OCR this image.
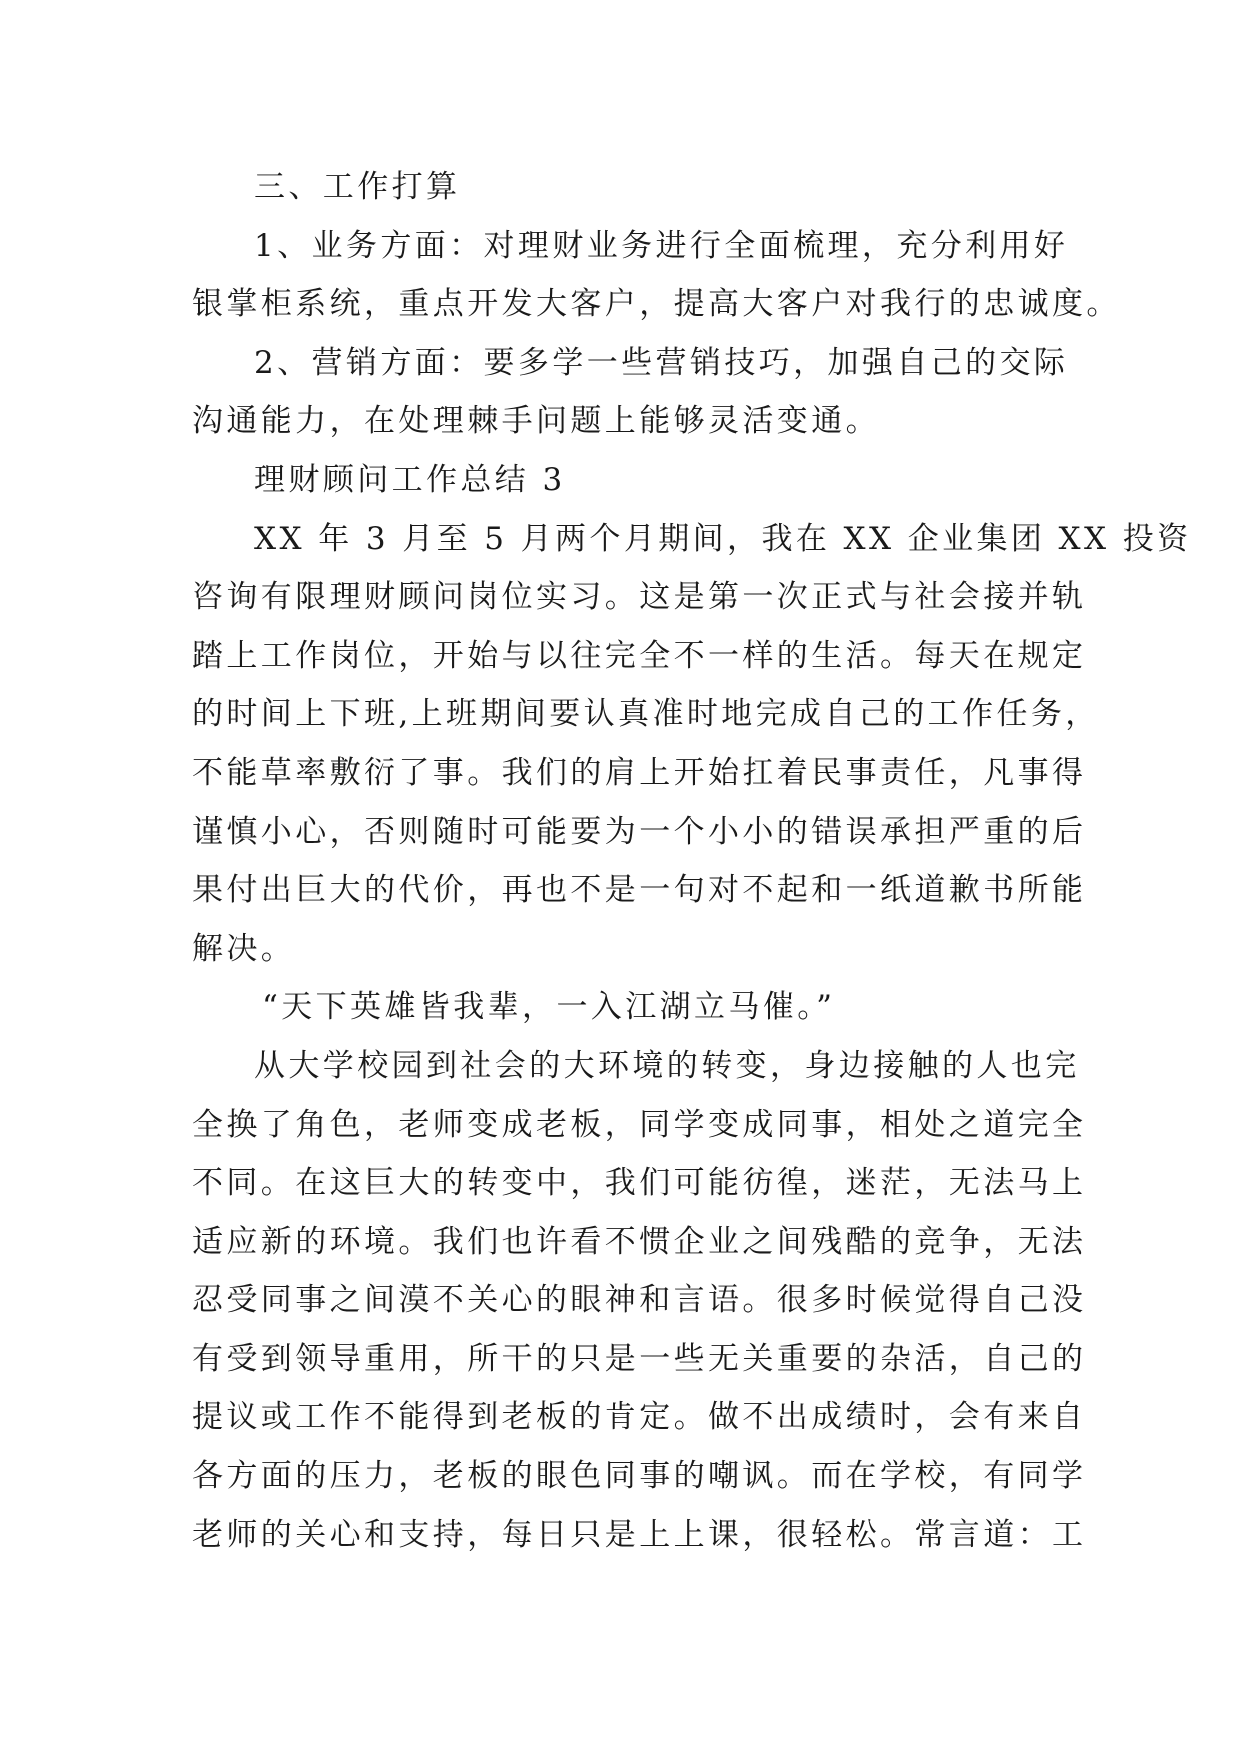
三、工作打算
1、业务方面：对理财业务进行全面梳理，充分利用好
银掌柜系统，重点开发大客户，提高大客户对我行的忠诚度。
2、营销方面：要多学一些营销技巧，加强自己的交际
沟通能力，在处理棘手问题上能够灵活变通。
理财顾问工作总结 3
XX 年 3 月至 5 月两个月期间，我在 XX 企业集团 XX 投资
咨询有限理财顾问岗位实习。这是第一次正式与社会接并轨
踏上工作岗位，开始与以往完全不一样的生活。每天在规定
的时间上下班,上班期间要认真准时地完成自己的工作任务，
不能草率敷衍了事。我们的肩上开始扛着民事责任，凡事得
谨慎小心，否则随时可能要为一个小小的错误承担严重的后
果付出巨大的代价，再也不是一句对不起和一纸道歉书所能
解决。
“天下英雄皆我辈，一入江湖立马催。”
从大学校园到社会的大环境的转变，身边接触的人也完
全换了角色，老师变成老板，同学变成同事，相处之道完全
不同。在这巨大的转变中，我们可能彷徨，迷茫，无法马上
适应新的环境。我们也许看不惯企业之间残酷的竞争，无法
忍受同事之间漠不关心的眼神和言语。很多时候觉得自己没
有受到领导重用，所干的只是一些无关重要的杂活，自己的
提议或工作不能得到老板的肯定。做不出成绩时，会有来自
各方面的压力，老板的眼色同事的嘲讽。而在学校，有同学
老师的关心和支持，每日只是上上课，很轻松。常言道：工
